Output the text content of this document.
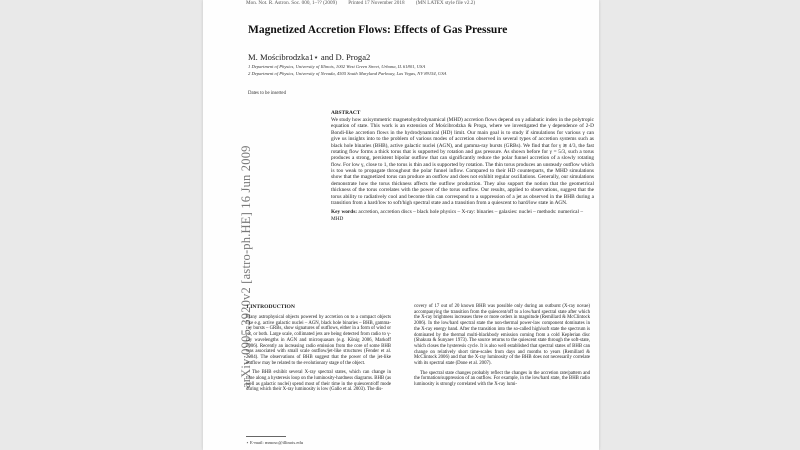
Mon. Not. R. Astron. Soc. 000, 1–?? (2009) Printed 17 November 2018 (MN LATEX style file v2.2)
arXiv:0905.3920v2 [astro-ph.HE] 16 Jun 2009
Magnetized Accretion Flows: Effects of Gas Pressure
M. Mościbrodzka1⋆ and D. Proga2
1 Department of Physics, University of Illinois, 1002 West Green Street, Urbana, IL 61801, USA
2 Department of Physics, University of Nevada, 4505 South Maryland Parkway, Las Vegas, NV 89154, USA
Dates to be inserted
ABSTRACT
We study how axisymmetric magnetohydrodynamical (MHD) accretion flows depend on γ adiabatic index in the polytropic equation of state. This work is an extension of Mościbrodzka & Proga, where we investigated the γ dependence of 2-D Bondi-like accretion flows in the hydrodynamical (HD) limit. Our main goal is to study if simulations for various γ can give us insights into to the problem of various modes of accretion observed in several types of accretion systems such as black hole binaries (BHB), active galactic nuclei (AGN), and gamma-ray bursts (GRBs). We find that for γ ≳ 4/3, the fast rotating flow forms a thick torus that is supported by rotation and gas pressure. As shown before for γ = 5/3, such a torus produces a strong, persistent bipolar outflow that can significantly reduce the polar funnel accretion of a slowly rotating flow. For low γ, close to 1, the torus is thin and is supported by rotation. The thin torus produces an unsteady outflow which is too weak to propagate throughout the polar funnel inflow. Compared to their HD counterparts, the MHD simulations show that the magnetized torus can produce an outflow and does not exhibit regular oscillations. Generally, our simulations demonstrate how the torus thickness affects the outflow production. They also support the notion that the geometrical thickness of the torus correlates with the power of the torus outflow. Our results, applied to observations, suggest that the torus ability to radiatively cool and become thin can correspond to a suppression of a jet as observed in the BHB during a transition from a hard/low to soft/high spectral state and a transition from a quiescent to hard/low state in AGN.
Key words: accretion, accretion discs – black hole physics – X-ray: binaries – galaxies: nuclei – methods: numerical – MHD
1 INTRODUCTION

Many astrophysical objects powered by accretion on to a compact objects like e.g. active galactic nuclei – AGN, black hole binaries – BHB, gamma-ray bursts – GRBs, show signatures of outflows, either in a form of wind or jet, or both. Large scale, collimated jets are being detected from radio to γ-ray wavelengths in AGN and microquasars (e.g. König 2006, Markoff 2006). Recently an increasing radio emission from the core of some BHB was associated with small scale outflow/jet-like structures (Fender et al. 2004). The observations of BHB suggest that the power of the jet-like outflow may be related to the evolutionary stage of the object.

The BHB exhibit several X-ray spectral states, which can change in time along a hysteresis loop on the luminosity-hardness diagrams. BHB (as well as galactic nuclei) spend most of their time in the quiescent/off mode during which their X-ray luminosity is low (Gallo et al. 2003). The dis-

covery of 17 out of 20 known BHB was possible only during an outburst (X-ray novae) accompanying the transition from the quiescent/off to a low/hard spectral state after which the X-ray brightness increases three or more orders in magnitude (Remillard & McClintock 2006). In the low/hard spectral state the non-thermal power-law component dominates in the X-ray energy band. After the transition into the so-called high/soft state the spectrum is dominated by the thermal multi-blackbody emission coming from a cold Keplerian disc (Shakura & Sunyaev 1973). The source returns to the quiescent state through the soft-state, which closes the hysteresis cycle. It is also well established that spectral states of BHB can change on relatively short time-scales from days and months to years (Remillard & McClintock 2006) and that the X-ray luminosity of the BHB does not necessarily correlate with its spectral state (Done et al. 2007).

The spectral state changes probably reflect the changes in the accretion rate/pattern and the formation/suppression of an outflow. For example, in the low/hard state, the BHB radio luminosity is strongly correlated with the X-ray lumi-

⋆ E-mail: mmosc@illinois.edu
